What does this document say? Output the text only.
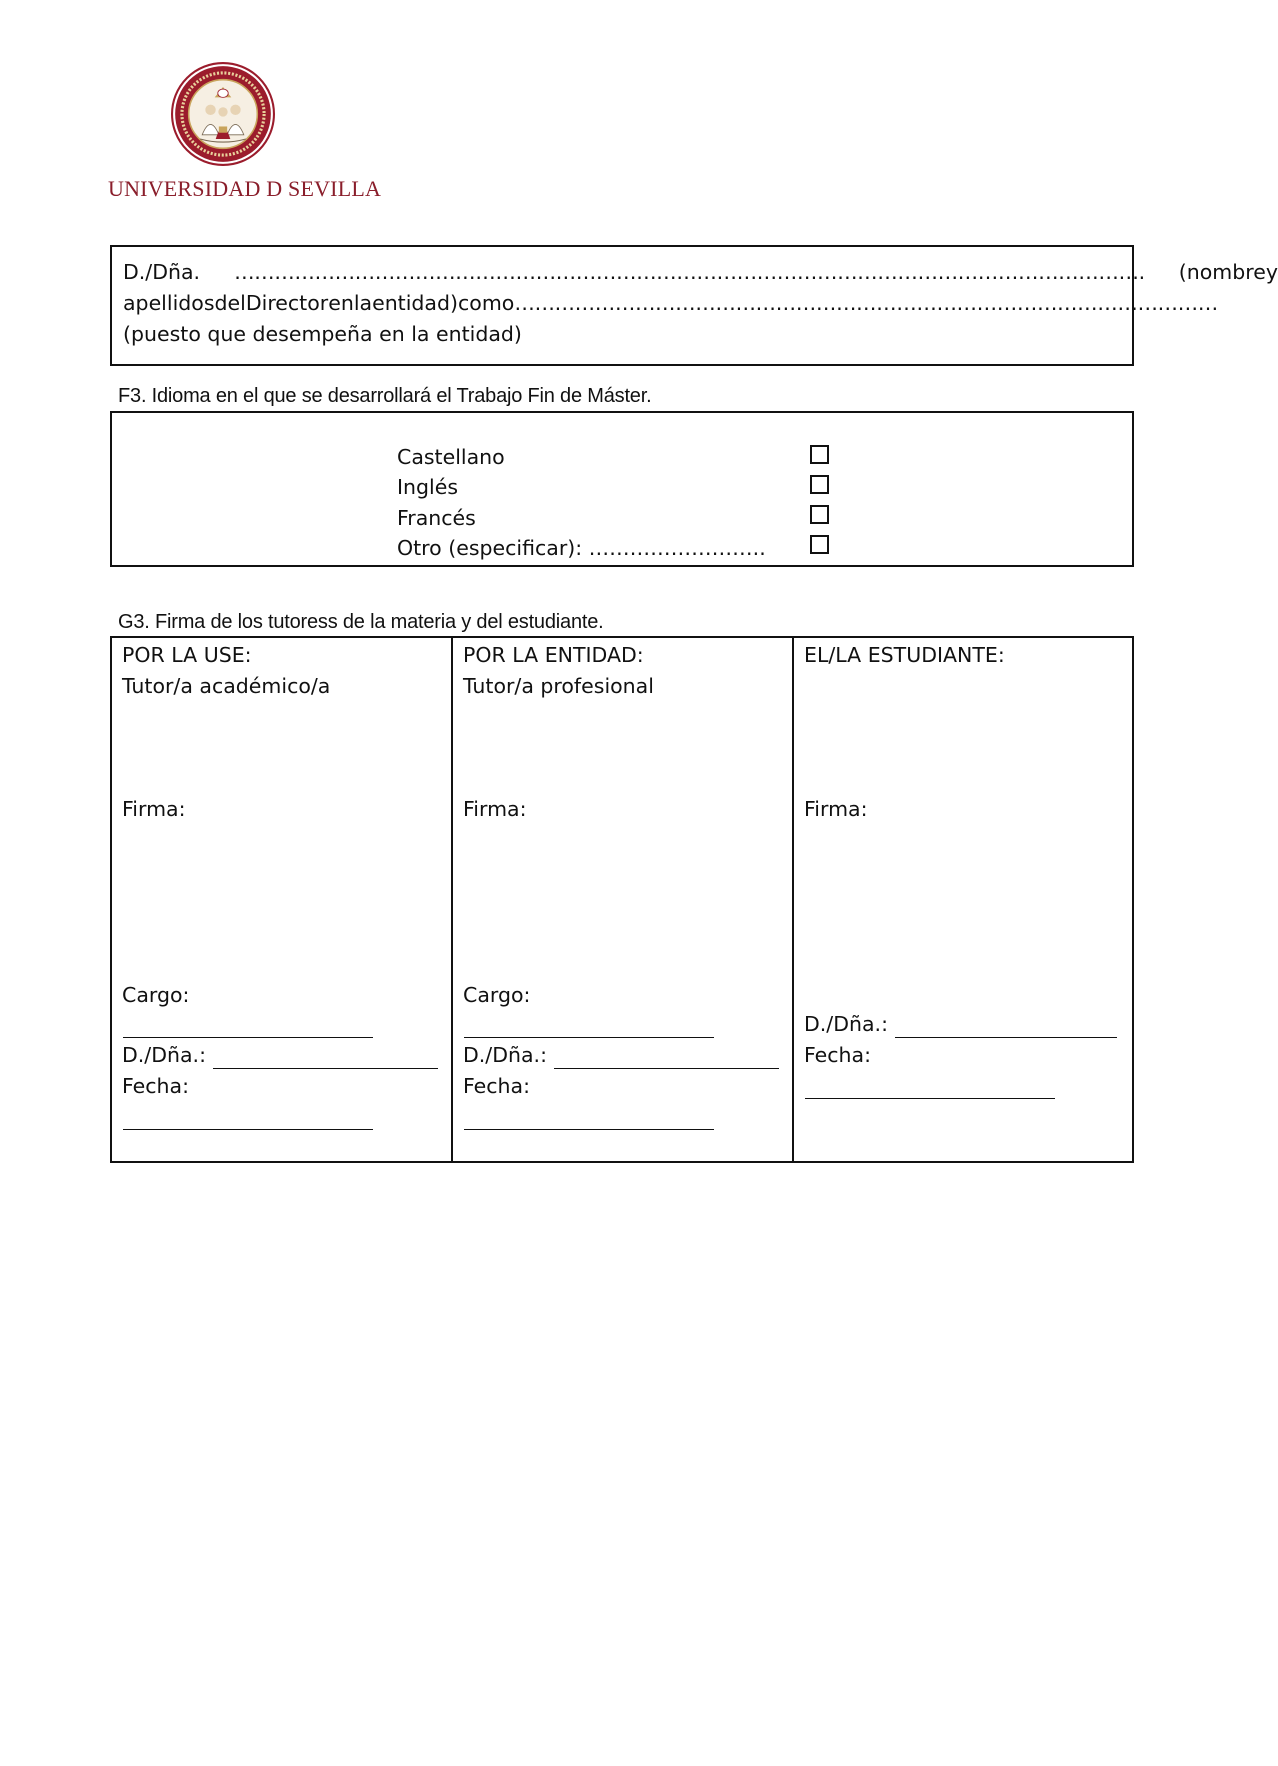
UNIVERSIDAD D SEVILLA
D./Dña. ………………………………………………………………………………………………………………………. (nombre y
apellidos del Director en la entidad) como ……………………………………………………………………………………………
(puesto que desempeña en la entidad)
F3. Idioma en el que se desarrollará el Trabajo Fin de Máster.
Castellano
Inglés
Francés
Otro (especificar): ……………………..
G3. Firma de los tutoress de la materia y del estudiante.
POR LA USE:
Tutor/a académico/a
Firma:
Cargo:
D./Dña.:
Fecha:
POR LA ENTIDAD:
Tutor/a profesional
Firma:
Cargo:
D./Dña.:
Fecha:
EL/LA ESTUDIANTE:
Firma:
D./Dña.:
Fecha:
